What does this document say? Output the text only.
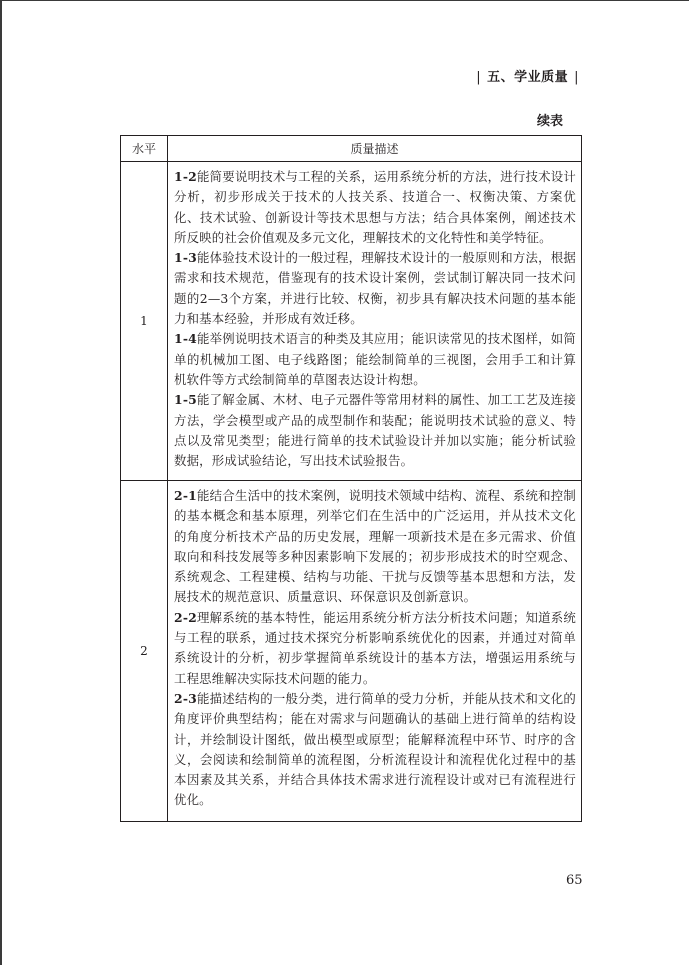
| 五、学业质量 |
续表
水平	质量描述
1	1-2能简要说明技术与工程的关系，运用系统分析的方法，进行技术设计分析，初步形成关于技术的人技关系、技道合一、权衡决策、方案优化、技术试验、创新设计等技术思想与方法；结合具体案例，阐述技术所反映的社会价值观及多元文化，理解技术的文化特性和美学特征。

1-3能体验技术设计的一般过程，理解技术设计的一般原则和方法，根据需求和技术规范，借鉴现有的技术设计案例，尝试制订解决同一技术问题的2—3个方案，并进行比较、权衡，初步具有解决技术问题的基本能力和基本经验，并形成有效迁移。

1-4能举例说明技术语言的种类及其应用；能识读常见的技术图样，如简单的机械加工图、电子线路图；能绘制简单的三视图，会用手工和计算机软件等方式绘制简单的草图表达设计构想。

1-5能了解金属、木材、电子元器件等常用材料的属性、加工工艺及连接方法，学会模型或产品的成型制作和装配；能说明技术试验的意义、特点以及常见类型；能进行简单的技术试验设计并加以实施；能分析试验数据，形成试验结论，写出技术试验报告。

2	2-1能结合生活中的技术案例，说明技术领域中结构、流程、系统和控制的基本概念和基本原理，列举它们在生活中的广泛运用，并从技术文化的角度分析技术产品的历史发展，理解一项新技术是在多元需求、价值取向和科技发展等多种因素影响下发展的；初步形成技术的时空观念、系统观念、工程建模、结构与功能、干扰与反馈等基本思想和方法，发展技术的规范意识、质量意识、环保意识及创新意识。

2-2理解系统的基本特性，能运用系统分析方法分析技术问题；知道系统与工程的联系，通过技术探究分析影响系统优化的因素，并通过对简单系统设计的分析，初步掌握简单系统设计的基本方法，增强运用系统与工程思维解决实际技术问题的能力。

2-3能描述结构的一般分类，进行简单的受力分析，并能从技术和文化的角度评价典型结构；能在对需求与问题确认的基础上进行简单的结构设计，并绘制设计图纸，做出模型或原型；能解释流程中环节、时序的含义，会阅读和绘制简单的流程图，分析流程设计和流程优化过程中的基本因素及其关系，并结合具体技术需求进行流程设计或对已有流程进行优化。

65
